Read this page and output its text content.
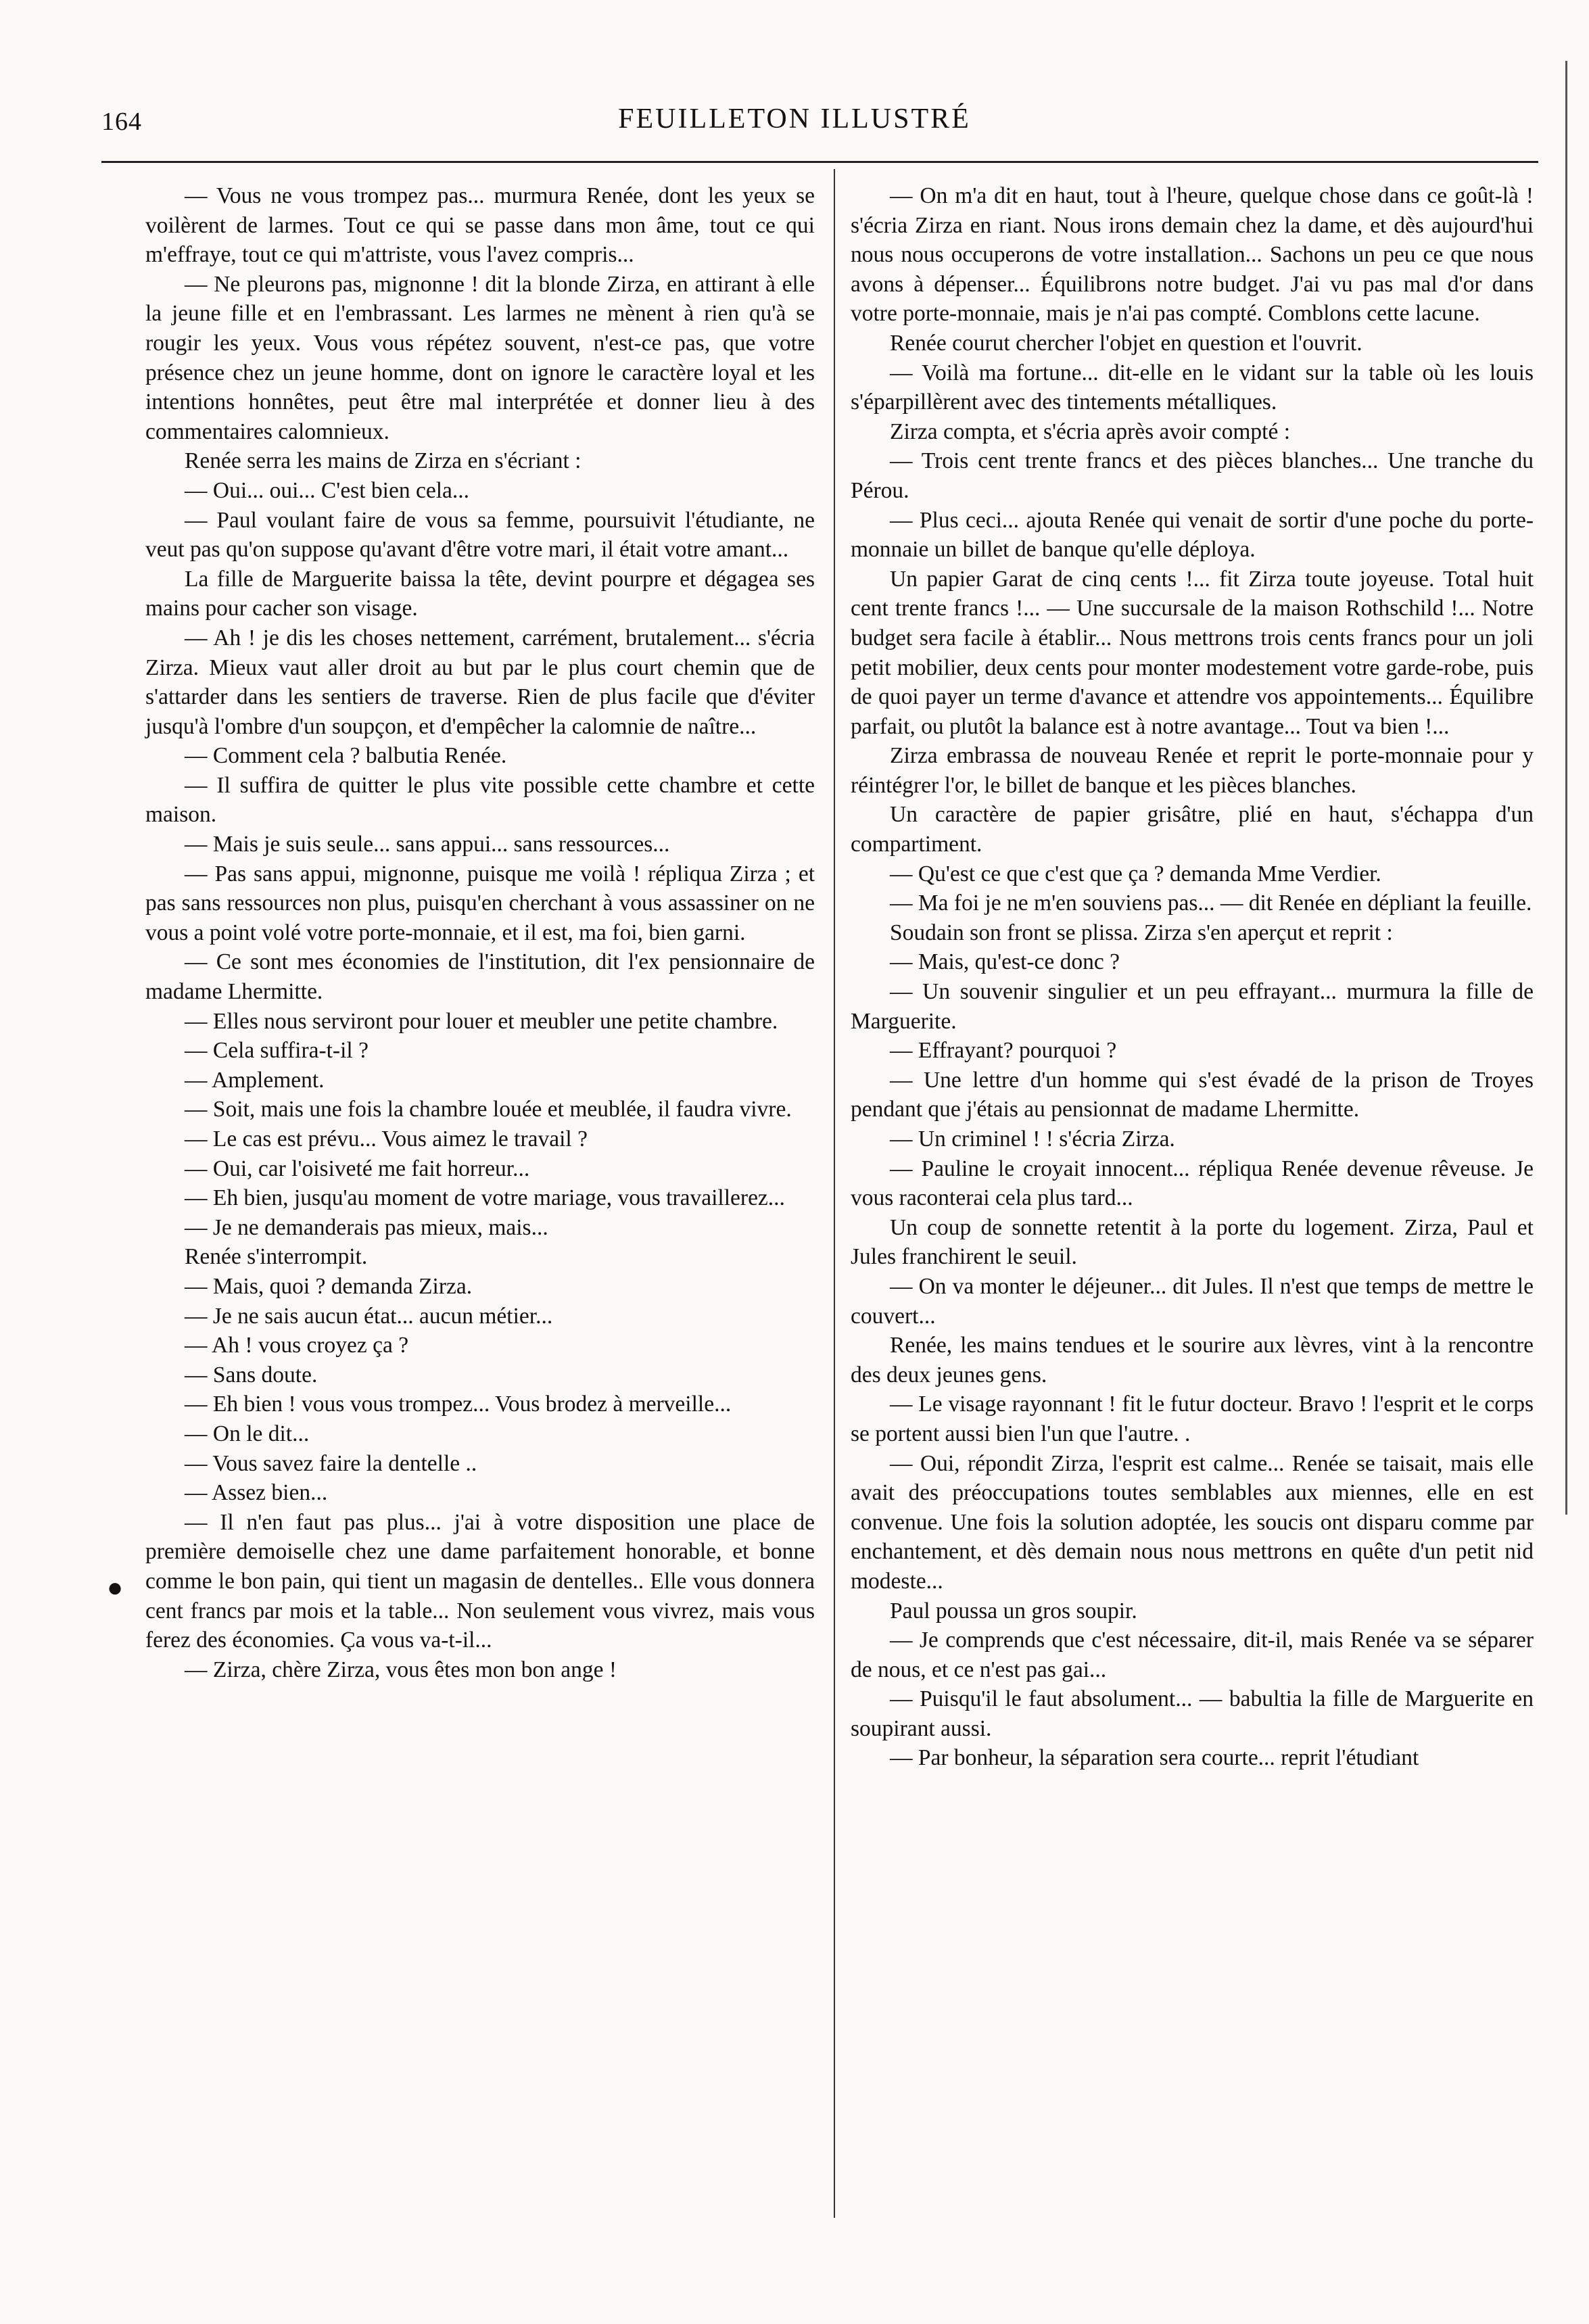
164	FEUILLETON ILLUSTRÉ

— Vous ne vous trompez pas... murmura Renée, dont les yeux se voilèrent de larmes. Tout ce qui se passe dans mon âme, tout ce qui m'effraye, tout ce qui m'attriste, vous l'avez compris...

— Ne pleurons pas, mignonne ! dit la blonde Zirza, en attirant à elle la jeune fille et en l'embrassant. Les larmes ne mènent à rien qu'à se rougir les yeux. Vous vous répétez souvent, n'est-ce pas, que votre présence chez un jeune homme, dont on ignore le caractère loyal et les intentions honnêtes, peut être mal interprétée et donner lieu à des commentaires calomnieux.

Renée serra les mains de Zirza en s'écriant :

— Oui... oui... C'est bien cela...

— Paul voulant faire de vous sa femme, poursuivit l'étudiante, ne veut pas qu'on suppose qu'avant d'être votre mari, il était votre amant...

La fille de Marguerite baissa la tête, devint pourpre et dégagea ses mains pour cacher son visage.

— Ah ! je dis les choses nettement, carrément, brutalement... s'écria Zirza. Mieux vaut aller droit au but par le plus court chemin que de s'attarder dans les sentiers de traverse. Rien de plus facile que d'éviter jusqu'à l'ombre d'un soupçon, et d'empêcher la calomnie de naître...

— Comment cela ? balbutia Renée.

— Il suffira de quitter le plus vite possible cette chambre et cette maison.

— Mais je suis seule... sans appui... sans ressources...

— Pas sans appui, mignonne, puisque me voilà ! répliqua Zirza ; et pas sans ressources non plus, puisqu'en cherchant à vous assassiner on ne vous a point volé votre porte-monnaie, et il est, ma foi, bien garni.

— Ce sont mes économies de l'institution, dit l'ex pensionnaire de madame Lhermitte.

— Elles nous serviront pour louer et meubler une petite chambre.

— Cela suffira-t-il ?

— Amplement.

— Soit, mais une fois la chambre louée et meublée, il faudra vivre.

— Le cas est prévu... Vous aimez le travail ?

— Oui, car l'oisiveté me fait horreur...

— Eh bien, jusqu'au moment de votre mariage, vous travaillerez...

— Je ne demanderais pas mieux, mais...

Renée s'interrompit.

— Mais, quoi ? demanda Zirza.

— Je ne sais aucun état... aucun métier...

— Ah ! vous croyez ça ?

— Sans doute.

— Eh bien ! vous vous trompez... Vous brodez à merveille...

— On le dit...

— Vous savez faire la dentelle ..

— Assez bien...

— Il n'en faut pas plus... j'ai à votre disposition une place de première demoiselle chez une dame parfaitement honorable, et bonne comme le bon pain, qui tient un magasin de dentelles.. Elle vous donnera cent francs par mois et la table... Non seulement vous vivrez, mais vous ferez des économies. Ça vous va-t-il...

— Zirza, chère Zirza, vous êtes mon bon ange !

— On m'a dit en haut, tout à l'heure, quelque chose dans ce goût-là ! s'écria Zirza en riant. Nous irons demain chez la dame, et dès aujourd'hui nous nous occuperons de votre installation... Sachons un peu ce que nous avons à dépenser... Équilibrons notre budget. J'ai vu pas mal d'or dans votre porte-monnaie, mais je n'ai pas compté. Comblons cette lacune.

Renée courut chercher l'objet en question et l'ouvrit.

— Voilà ma fortune... dit-elle en le vidant sur la table où les louis s'éparpillèrent avec des tintements métalliques.

Zirza compta, et s'écria après avoir compté :

— Trois cent trente francs et des pièces blanches... Une tranche du Pérou.

— Plus ceci... ajouta Renée qui venait de sortir d'une poche du porte-monnaie un billet de banque qu'elle déploya.

Un papier Garat de cinq cents !... fit Zirza toute joyeuse. Total huit cent trente francs !... — Une succursale de la maison Rothschild !... Notre budget sera facile à établir... Nous mettrons trois cents francs pour un joli petit mobilier, deux cents pour monter modestement votre garde-robe, puis de quoi payer un terme d'avance et attendre vos appointements... Équilibre parfait, ou plutôt la balance est à notre avantage... Tout va bien !...

Zirza embrassa de nouveau Renée et reprit le porte-monnaie pour y réintégrer l'or, le billet de banque et les pièces blanches.

Un caractère de papier grisâtre, plié en haut, s'échappa d'un compartiment.

— Qu'est ce que c'est que ça ? demanda Mme Verdier.

— Ma foi je ne m'en souviens pas... — dit Renée en dépliant la feuille.

Soudain son front se plissa. Zirza s'en aperçut et reprit :

— Mais, qu'est-ce donc ?

— Un souvenir singulier et un peu effrayant... murmura la fille de Marguerite.

— Effrayant? pourquoi ?

— Une lettre d'un homme qui s'est évadé de la prison de Troyes pendant que j'étais au pensionnat de madame Lhermitte.

— Un criminel ! ! s'écria Zirza.

— Pauline le croyait innocent... répliqua Renée devenue rêveuse. Je vous raconterai cela plus tard...

Un coup de sonnette retentit à la porte du logement. Zirza, Paul et Jules franchirent le seuil.

— On va monter le déjeuner... dit Jules. Il n'est que temps de mettre le couvert...

Renée, les mains tendues et le sourire aux lèvres, vint à la rencontre des deux jeunes gens.

— Le visage rayonnant ! fit le futur docteur. Bravo ! l'esprit et le corps se portent aussi bien l'un que l'autre. .

— Oui, répondit Zirza, l'esprit est calme... Renée se taisait, mais elle avait des préoccupations toutes semblables aux miennes, elle en est convenue. Une fois la solution adoptée, les soucis ont disparu comme par enchantement, et dès demain nous nous mettrons en quête d'un petit nid modeste...

Paul poussa un gros soupir.

— Je comprends que c'est nécessaire, dit-il, mais Renée va se séparer de nous, et ce n'est pas gai...

— Puisqu'il le faut absolument... — babultia la fille de Marguerite en soupirant aussi.

— Par bonheur, la séparation sera courte... reprit l'étudiant

●
